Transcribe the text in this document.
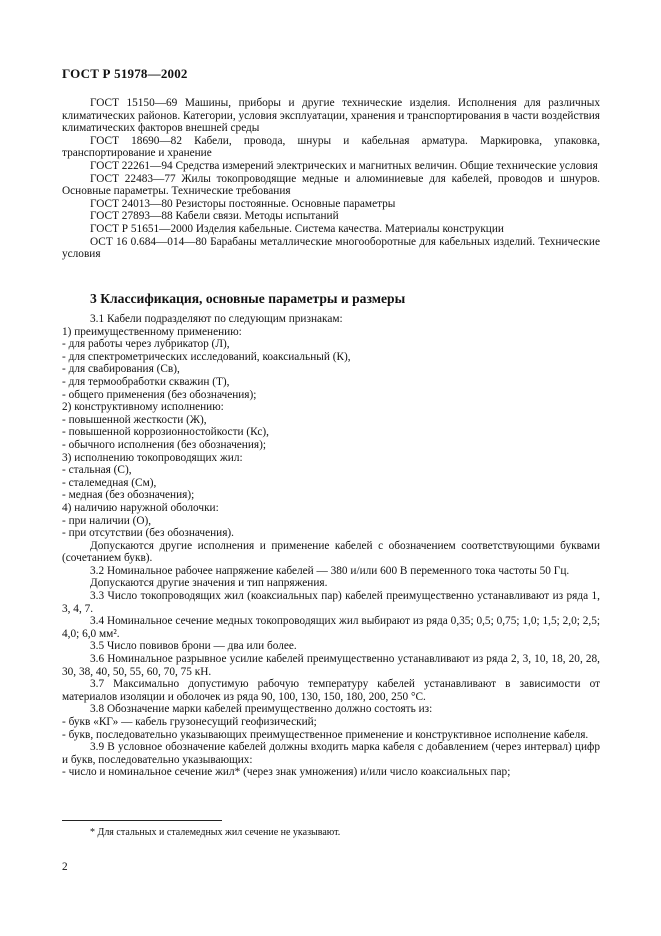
ГОСТ Р 51978—2002

ГОСТ 15150—69 Машины, приборы и другие технические изделия. Исполнения для различных климатических районов. Категории, условия эксплуатации, хранения и транспортирования в части воздействия климатических факторов внешней среды

ГОСТ 18690—82 Кабели, провода, шнуры и кабельная арматура. Маркировка, упаковка, транспортирование и хранение

ГОСТ 22261—94 Средства измерений электрических и магнитных величин. Общие технические условия

ГОСТ 22483—77 Жилы токопроводящие медные и алюминиевые для кабелей, проводов и шнуров. Основные параметры. Технические требования

ГОСТ 24013—80 Резисторы постоянные. Основные параметры

ГОСТ 27893—88 Кабели связи. Методы испытаний

ГОСТ Р 51651—2000 Изделия кабельные. Система качества. Материалы конструкции

ОСТ 16 0.684—014—80 Барабаны металлические многооборотные для кабельных изделий. Технические условия

3 Классификация, основные параметры и размеры

3.1 Кабели подразделяют по следующим признакам:

1) преимущественному применению:

- для работы через лубрикатор (Л),

- для спектрометрических исследований, коаксиальный (К),

- для свабирования (Св),

- для термообработки скважин (Т),

- общего применения (без обозначения);

2) конструктивному исполнению:

- повышенной жесткости (Ж),

- повышенной коррозионностойкости (Кс),

- обычного исполнения (без обозначения);

3) исполнению токопроводящих жил:

- стальная (С),

- сталемедная (См),

- медная (без обозначения);

4) наличию наружной оболочки:

- при наличии (О),

- при отсутствии (без обозначения).

Допускаются другие исполнения и применение кабелей с обозначением соответствующими буквами (сочетанием букв).

3.2 Номинальное рабочее напряжение кабелей — 380 и/или 600 В переменного тока частоты 50 Гц.

Допускаются другие значения и тип напряжения.

3.3 Число токопроводящих жил (коаксиальных пар) кабелей преимущественно устанавливают из ряда 1, 3, 4, 7.

3.4 Номинальное сечение медных токопроводящих жил выбирают из ряда 0,35; 0,5; 0,75; 1,0; 1,5; 2,0; 2,5; 4,0; 6,0 мм².

3.5 Число повивов брони — два или более.

3.6 Номинальное разрывное усилие кабелей преимущественно устанавливают из ряда 2, 3, 10, 18, 20, 28, 30, 38, 40, 50, 55, 60, 70, 75 кН.

3.7 Максимально допустимую рабочую температуру кабелей устанавливают в зависимости от материалов изоляции и оболочек из ряда 90, 100, 130, 150, 180, 200, 250 °С.

3.8 Обозначение марки кабелей преимущественно должно состоять из:

- букв «КГ» — кабель грузонесущий геофизический;

- букв, последовательно указывающих преимущественное применение и конструктивное исполнение кабеля.

3.9 В условное обозначение кабелей должны входить марка кабеля с добавлением (через интервал) цифр и букв, последовательно указывающих:

- число и номинальное сечение жил* (через знак умножения) и/или число коаксиальных пар;

* Для стальных и сталемедных жил сечение не указывают.
2
